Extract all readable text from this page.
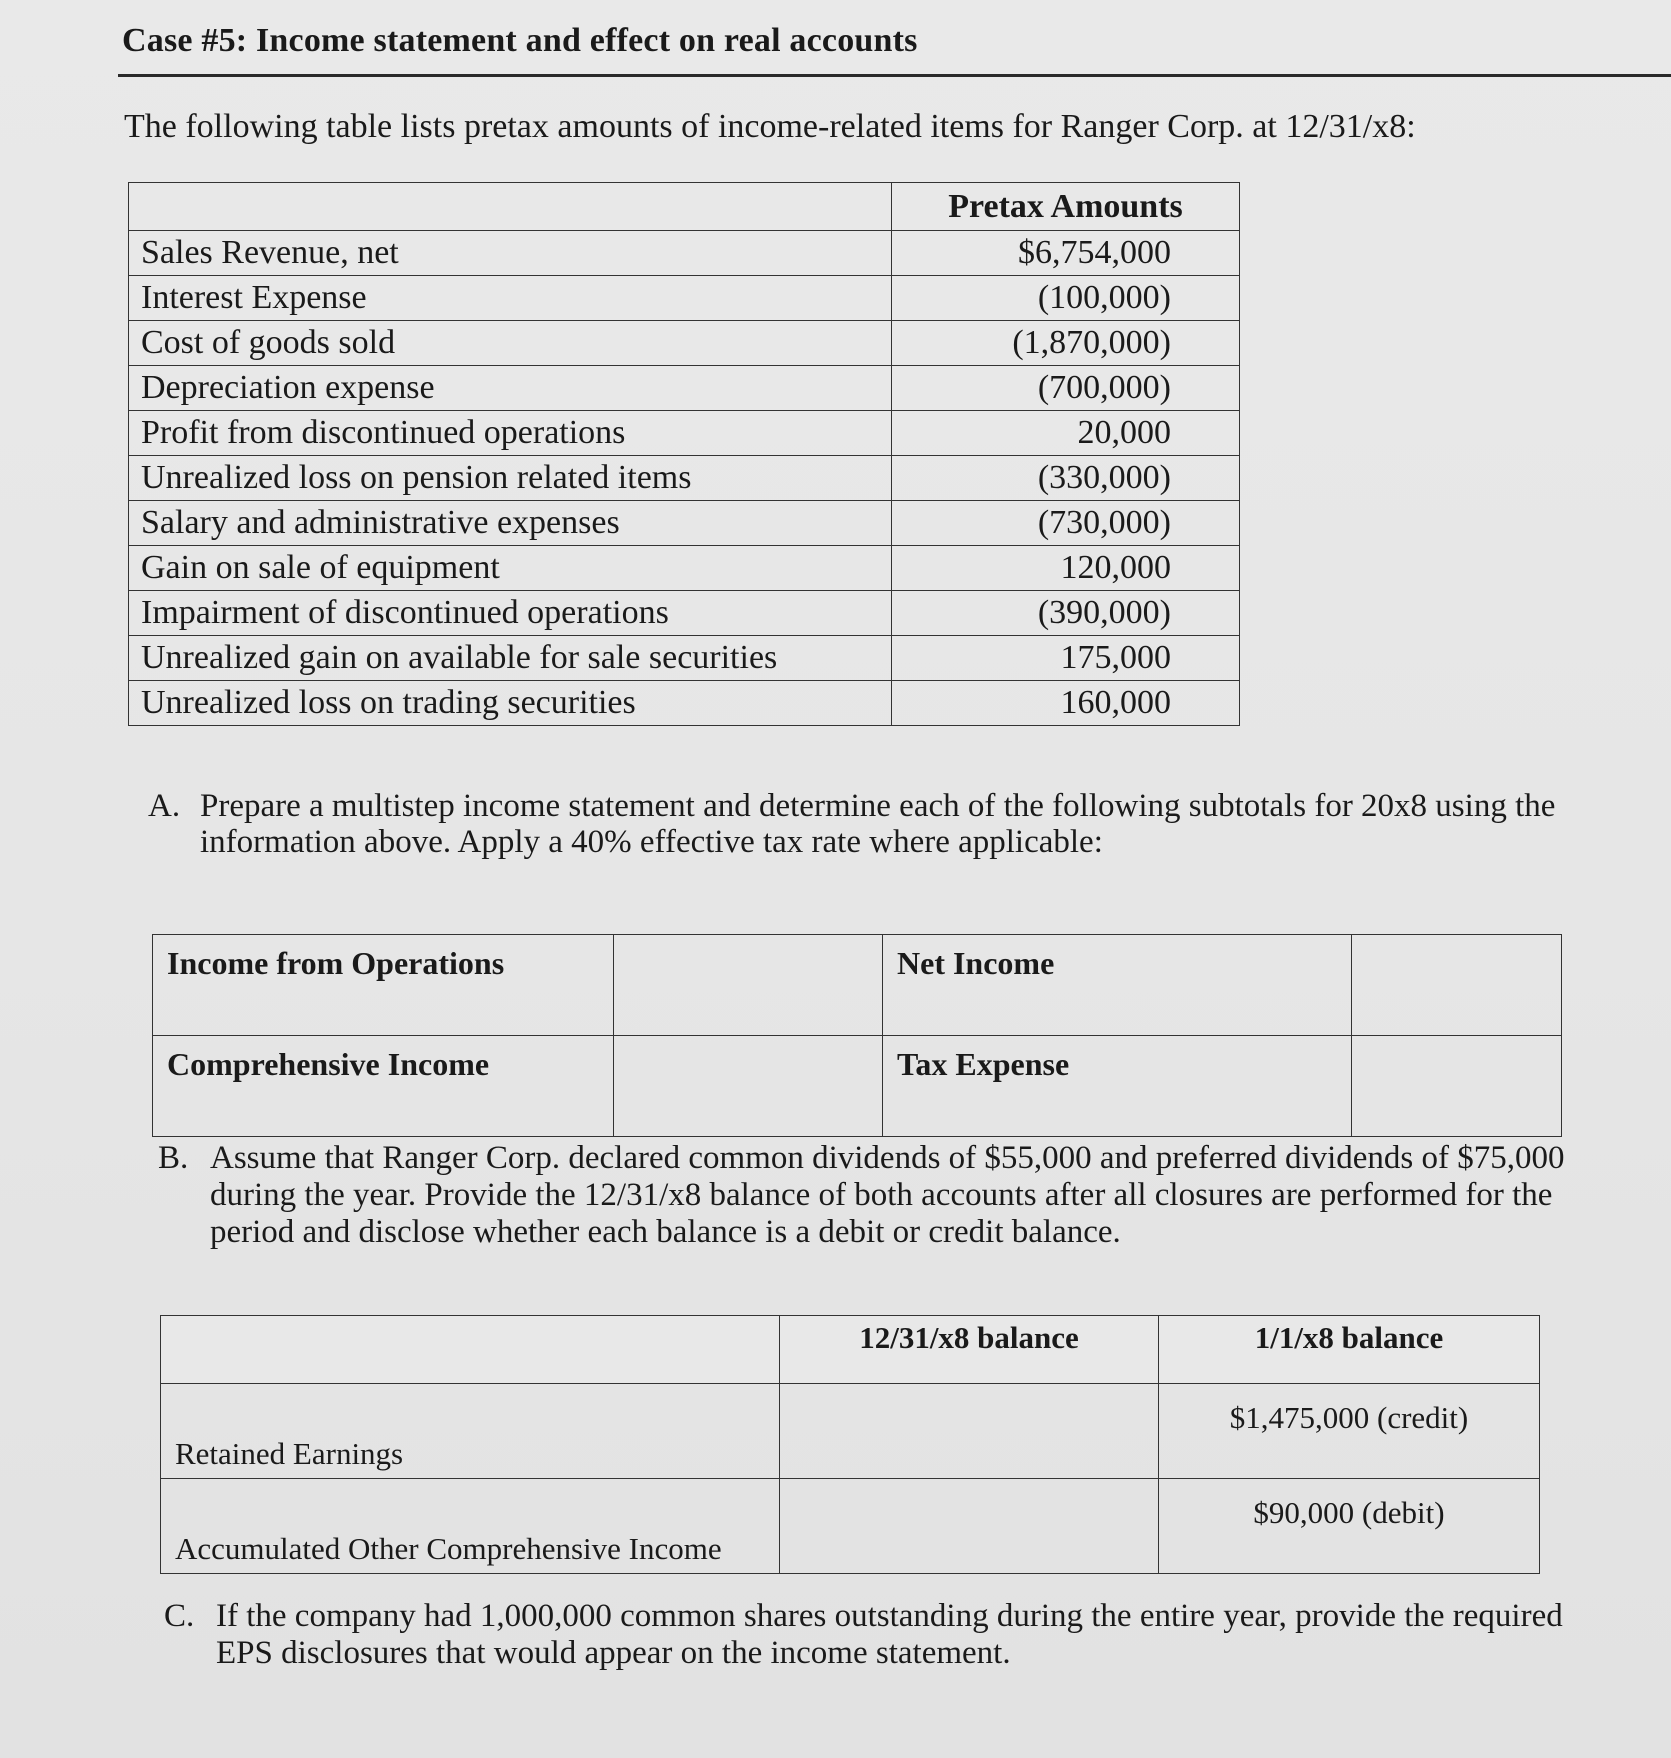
Case #5: Income statement and effect on real accounts
The following table lists pretax amounts of income-related items for Ranger Corp. at 12/31/x8:
	Pretax Amounts
Sales Revenue, net	$6,754,000
Interest Expense	(100,000)
Cost of goods sold	(1,870,000)
Depreciation expense	(700,000)
Profit from discontinued operations	20,000
Unrealized loss on pension related items	(330,000)
Salary and administrative expenses	(730,000)
Gain on sale of equipment	120,000
Impairment of discontinued operations	(390,000)
Unrealized gain on available for sale securities	175,000
Unrealized loss on trading securities	160,000
A. Prepare a multistep income statement and determine each of the following subtotals for 20x8 using the information above. Apply a 40% effective tax rate where applicable:
Income from Operations		Net Income	
Comprehensive Income		Tax Expense	
B. Assume that Ranger Corp. declared common dividends of $55,000 and preferred dividends of $75,000 during the year. Provide the 12/31/x8 balance of both accounts after all closures are performed for the period and disclose whether each balance is a debit or credit balance.
	12/31/x8 balance	1/1/x8 balance
Retained Earnings		$1,475,000 (credit)
Accumulated Other Comprehensive Income		$90,000 (debit)
C. If the company had 1,000,000 common shares outstanding during the entire year, provide the required EPS disclosures that would appear on the income statement.
